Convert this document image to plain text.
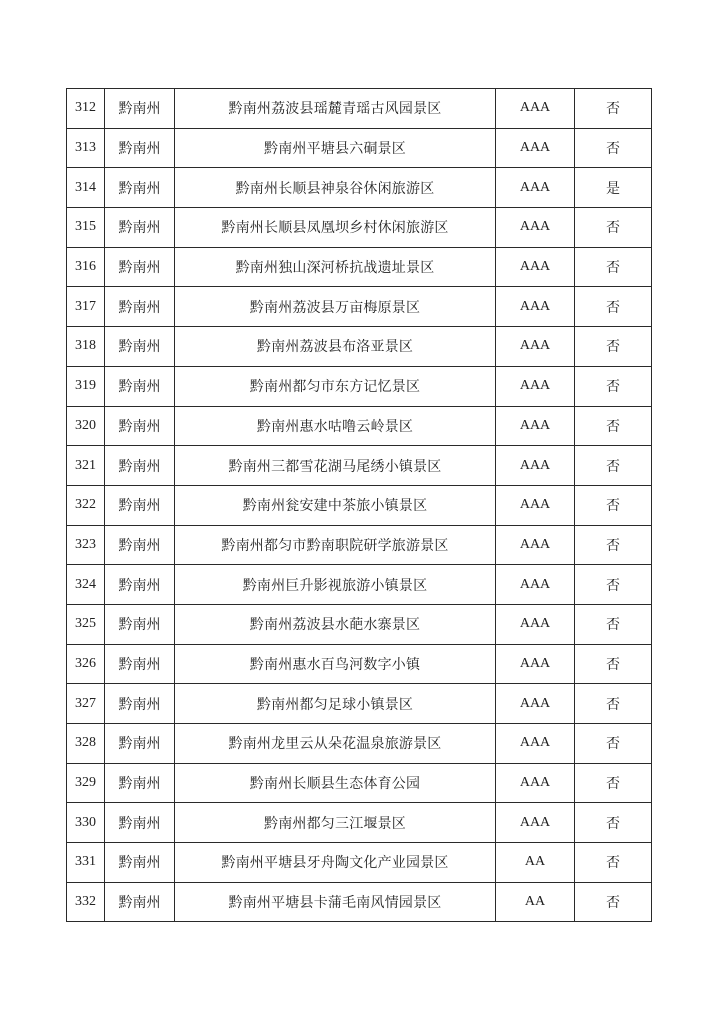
312	黔南州	黔南州荔波县瑶麓青瑶古风园景区	AAA	否
313	黔南州	黔南州平塘县六硐景区	AAA	否
314	黔南州	黔南州长顺县神泉谷休闲旅游区	AAA	是
315	黔南州	黔南州长顺县凤凰坝乡村休闲旅游区	AAA	否
316	黔南州	黔南州独山深河桥抗战遗址景区	AAA	否
317	黔南州	黔南州荔波县万亩梅原景区	AAA	否
318	黔南州	黔南州荔波县布洛亚景区	AAA	否
319	黔南州	黔南州都匀市东方记忆景区	AAA	否
320	黔南州	黔南州惠水咕噜云岭景区	AAA	否
321	黔南州	黔南州三都雪花湖马尾绣小镇景区	AAA	否
322	黔南州	黔南州瓮安建中茶旅小镇景区	AAA	否
323	黔南州	黔南州都匀市黔南职院研学旅游景区	AAA	否
324	黔南州	黔南州巨升影视旅游小镇景区	AAA	否
325	黔南州	黔南州荔波县水葩水寨景区	AAA	否
326	黔南州	黔南州惠水百鸟河数字小镇	AAA	否
327	黔南州	黔南州都匀足球小镇景区	AAA	否
328	黔南州	黔南州龙里云从朵花温泉旅游景区	AAA	否
329	黔南州	黔南州长顺县生态体育公园	AAA	否
330	黔南州	黔南州都匀三江堰景区	AAA	否
331	黔南州	黔南州平塘县牙舟陶文化产业园景区	AA	否
332	黔南州	黔南州平塘县卡蒲毛南风情园景区	AA	否
